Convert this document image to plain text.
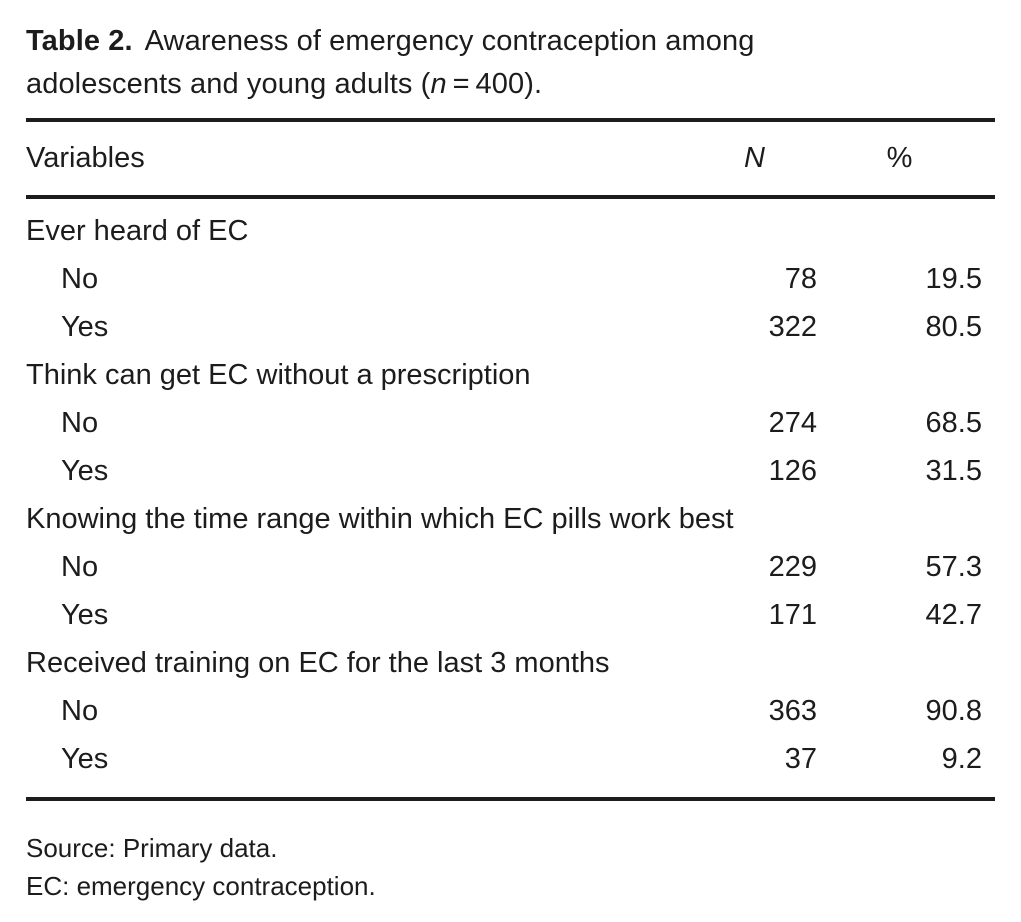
Table 2. Awareness of emergency contraception among
adolescents and young adults (n = 400).
Variables	N	%
Ever heard of EC
No	78	19.5
Yes	322	80.5
Think can get EC without a prescription
No	274	68.5
Yes	126	31.5
Knowing the time range within which EC pills work best
No	229	57.3
Yes	171	42.7
Received training on EC for the last 3 months
No	363	90.8
Yes	37	9.2
Source: Primary data.
EC: emergency contraception.
